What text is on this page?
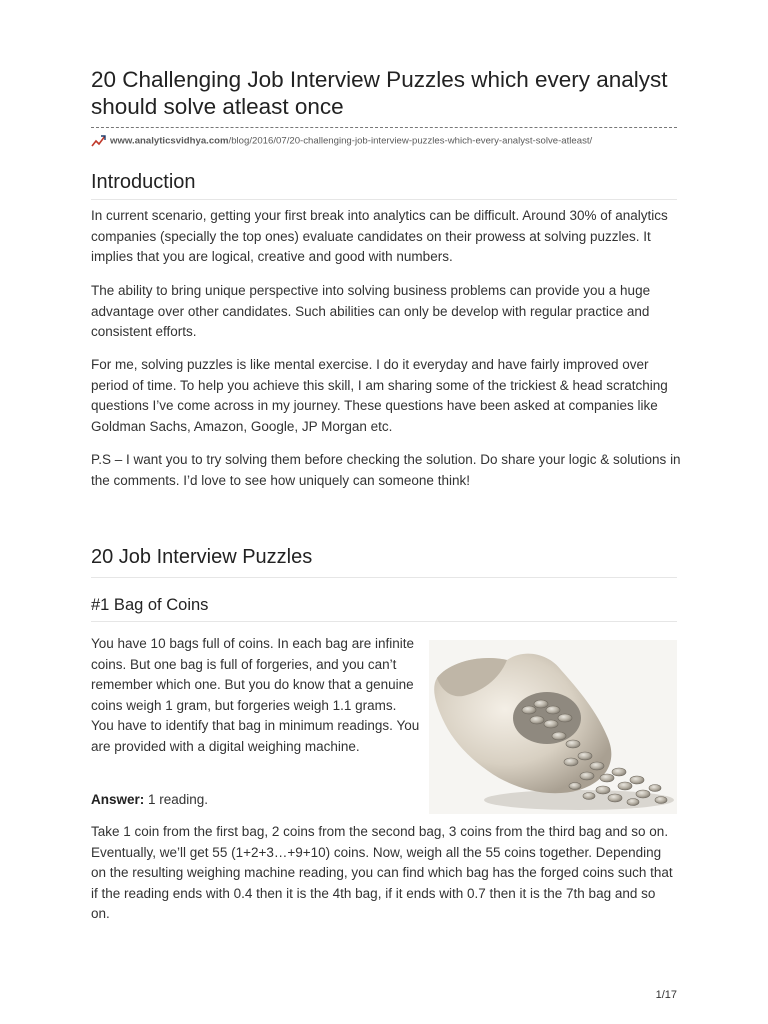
20 Challenging Job Interview Puzzles which every analyst should solve atleast once
www.analyticsvidhya.com/blog/2016/07/20-challenging-job-interview-puzzles-which-every-analyst-solve-atleast/
Introduction

In current scenario, getting your first break into analytics can be difficult. Around 30% of analytics companies (specially the top ones) evaluate candidates on their prowess at solving puzzles. It implies that you are logical, creative and good with numbers.

The ability to bring unique perspective into solving business problems can provide you a huge advantage over other candidates. Such abilities can only be develop with regular practice and consistent efforts.

For me, solving puzzles is like mental exercise. I do it everyday and have fairly improved over period of time. To help you achieve this skill, I am sharing some of the trickiest & head scratching questions I’ve come across in my journey. These questions have been asked at companies like Goldman Sachs, Amazon, Google, JP Morgan etc.

P.S – I want you to try solving them before checking the solution. Do share your logic & solutions in the comments. I’d love to see how uniquely can someone think!

20 Job Interview Puzzles
#1 Bag of Coins

You have 10 bags full of coins. In each bag are infinite coins. But one bag is full of forgeries, and you can’t remember which one. But you do know that a genuine coins weigh 1 gram, but forgeries weigh 1.1 grams. You have to identify that bag in minimum readings. You are provided with a digital weighing machine.

Answer: 1 reading.

Take 1 coin from the first bag, 2 coins from the second bag, 3 coins from the third bag and so on. Eventually, we’ll get 55 (1+2+3…+9+10) coins. Now, weigh all the 55 coins together. Depending on the resulting weighing machine reading, you can find which bag has the forged coins such that if the reading ends with 0.4 then it is the 4th bag, if it ends with 0.7 then it is the 7th bag and so on.

1/17
